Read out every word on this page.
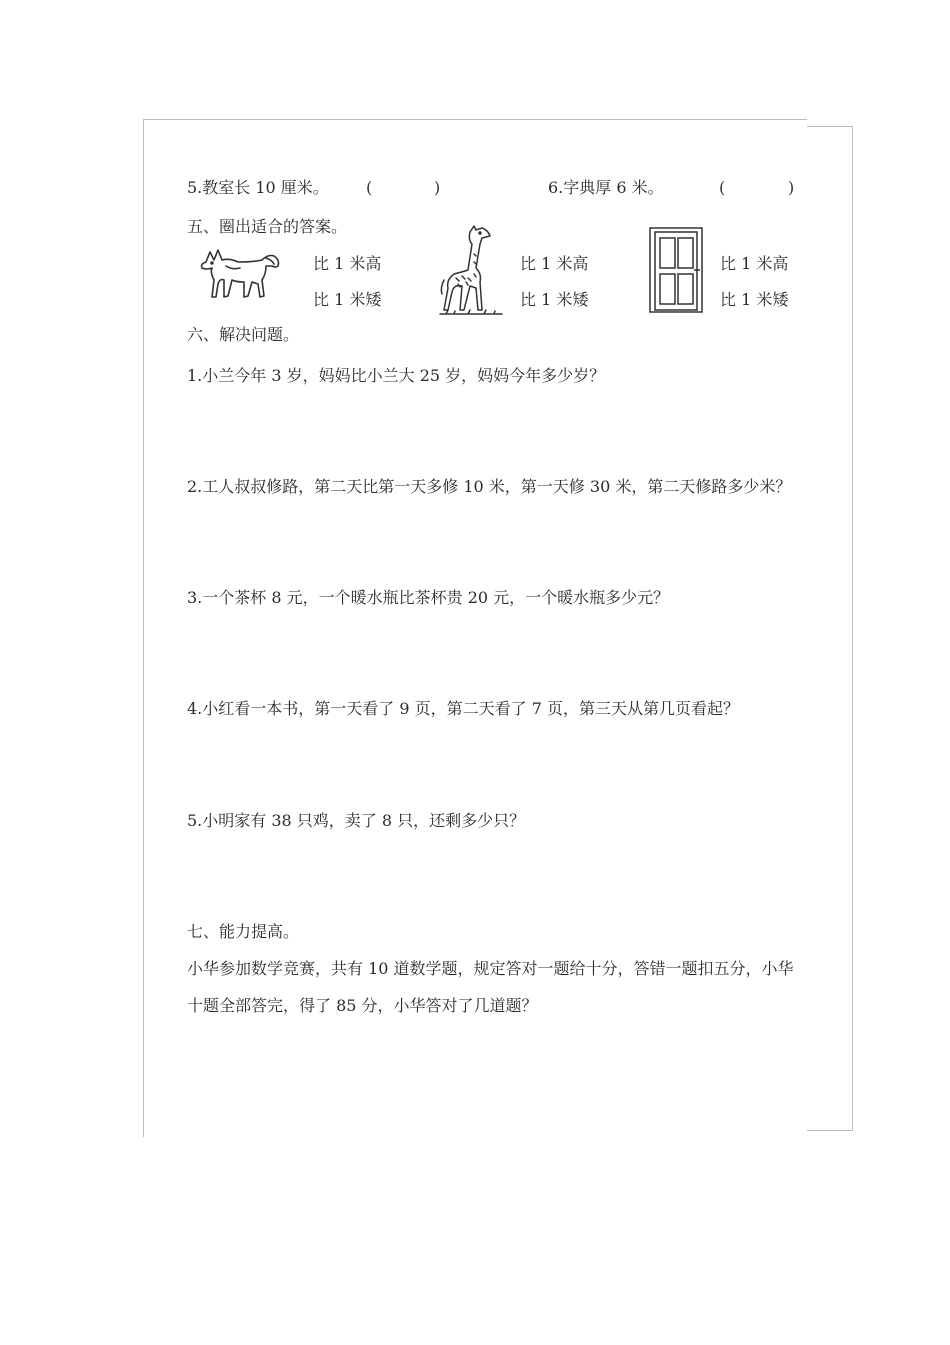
5.教室长 10 厘米。 (	)	6.字典厚 6 米。	(	)
五、圈出适合的答案。
比 1 米高
比 1 米矮
比 1 米高
比 1 米矮
比 1 米高
比 1 米矮
六、解决问题。
1.小兰今年 3 岁，妈妈比小兰大 25 岁，妈妈今年多少岁？
2.工人叔叔修路，第二天比第一天多修 10 米，第一天修 30 米，第二天修路多少米？
3.一个茶杯 8 元，一个暖水瓶比茶杯贵 20 元，一个暖水瓶多少元？
4.小红看一本书，第一天看了 9 页，第二天看了 7 页，第三天从第几页看起？
5.小明家有 38 只鸡，卖了 8 只，还剩多少只？
七、能力提高。
小华参加数学竞赛，共有 10 道数学题，规定答对一题给十分，答错一题扣五分，小华
十题全部答完，得了 85 分，小华答对了几道题？
